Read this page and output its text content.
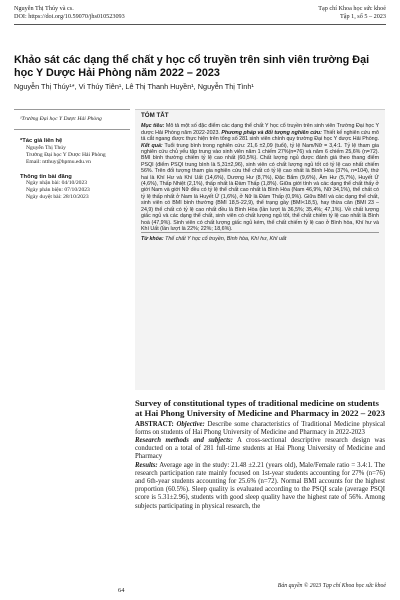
Nguyễn Thị Thúy và cs.
DOI: https://doi.org/10.59070/jhs010523093
Tạp chí Khoa học sức khoẻ
Tập 1, số 5 – 2023
Khảo sát các dạng thể chất y học cổ truyền trên sinh viên trường Đại học Y Dược Hải Phòng năm 2022 – 2023
Nguyễn Thị Thúy¹*, Vi Thúy Tiên¹, Lê Thị Thanh Huyền¹, Nguyễn Thị Tình¹
¹Trường Đại học Y Dược Hải Phòng
*Tác giả liên hệ
Nguyễn Thị Thúy
Trường Đại học Y Dược Hải Phòng
Email: ntthuy@hpmu.edu.vn
Thông tin bài đăng
Ngày nhận bài: 04/10/2023
Ngày phản biện: 07/10/2023
Ngày duyệt bài: 28/10/2023
TÓM TẮT

Mục tiêu: Mô tả một số đặc điểm các dạng thể chất Y học cổ truyền trên sinh viên Trường Đại học Y dược Hải Phòng năm 2022-2023. Phương pháp và đối tượng nghiên cứu: Thiết kế nghiên cứu mô tả cắt ngang được thực hiện trên tổng số 281 sinh viên chính quy trường Đại học Y dược Hải Phòng. Kết quả: Tuổi trung bình trong nghiên cứu: 21,6 ±2,09 (tuổi), tỷ lệ Nam/Nữ = 3,4:1. Tỷ lệ tham gia nghiên cứu chủ yếu tập trung vào sinh viên năm 1 chiếm 27%(n=76) và năm 6 chiếm 25,6% (n=72). BMI bình thường chiếm tỷ lệ cao nhất (60,5%). Chất lượng ngủ được đánh giá theo thang điểm PSQI (điểm PSQI trung bình là 5,31±2,96), sinh viên có chất lượng ngủ tốt có tỷ lệ cao nhất chiếm 56%. Trên đối tượng tham gia nghiên cứu thể chất có tỷ lệ cao nhất là Bình Hòa (37%, n=104), thứ hai là Khí Hư và Khí Uất (14,6%), Dương Hư (8,7%), Đặc Bẩm (9,6%), Âm Hư (5,7%), Huyết Ứ (4,6%), Thấp Nhiệt (2,1%), thấp nhất là Đàm Thấp (1,8%). Giữa giới tính và các dạng thể chất thấy ở giới Nam và giới Nữ đều có tỷ lệ thể chất cao nhất là Bình Hòa (Nam 46,9%, Nữ 34,1%), thể chất có tỷ lệ thấp nhất ở Nam là Huyết Ứ (1,6%), ở Nữ là Đàm Thấp (0,9%). Giữa BMI và các dạng thể chất, sinh viên có BMI bình thường (BMI 18,5-22,9), thể trạng gầy (BMI<18,5), hay thừa cân (BMI 23 – 24,9) thể chất có tỷ lệ cao nhất đều là Bình Hòa (lần lượt là 36,5%; 35,4%; 47,1%). Về chất lượng giấc ngủ và các dạng thể chất, sinh viên có chất lượng ngủ tốt, thể chất chiếm tỷ lệ cao nhất là Bình hoà (47,9%). Sinh viên có chất lượng giấc ngủ kém, thể chất chiếm tỷ lệ cao ở Bình hòa, Khí hư và Khí Uất (lần lượt là 22%; 22%; 18,6%).

Từ khóa: Thể chất Y học cổ truyền, Bình hòa, Khí hư, Khí uất

Survey of constitutional types of traditional medicine on students at Hai Phong University of Medicine and Pharmacy in 2022 – 2023

ABSTRACT: Objective: Describe some characteristics of Traditional Medicine physical forms on students of Hai Phong University of Medicine and Pharmacy in 2022-2023

Research methods and subjects: A cross-sectional descriptive research design was conducted on a total of 281 full-time students at Hai Phong University of Medicine and Pharmacy

Results: Average age in the study: 21.48 ±2.21 (years old), Male/Female ratio = 3.4:1. The research participation rate mainly focused on 1st-year students accounting for 27% (n=76) and 6th-year students accounting for 25.6% (n=72). Normal BMI accounts for the highest proportion (60.5%). Sleep quality is evaluated according to the PSQI scale (average PSQI score is 5.31±2.96), students with good sleep quality have the highest rate of 56%. Among subjects participating in physical research, the

Bản quyền © 2023 Tạp chí Khoa học sức khoẻ
64
